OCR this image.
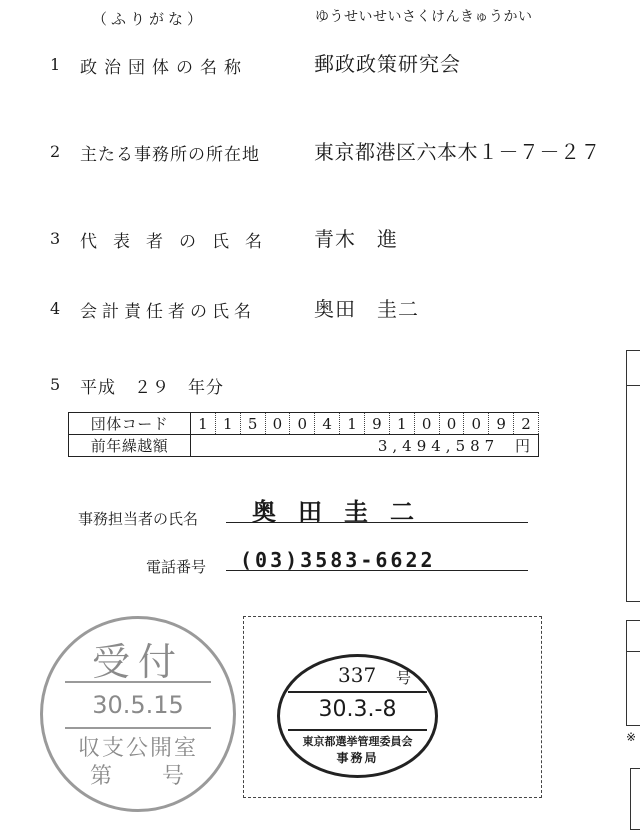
（ふりがな）	ゆうせいせいさくけんきゅうかい
1 政治団体の名称	郵政政策研究会
2 主たる事務所の所在地	東京都港区六本木１－７－２７
3 代表者の氏名 青木　進
4 会計責任者の氏名	奥田　圭二
5 平成　２９　年分
団体コード	1	1	5	0	0	4	1	9	1	0	0	0	9	2
前年繰越額	3,494,587 円													
事務担当者の氏名 奥田圭二
電話番号 (03)3583-6622
受付
30.5.15
収支公開室
第　　号
337 号
30.3.-8
東京都選挙管理委員会
事務局
※
